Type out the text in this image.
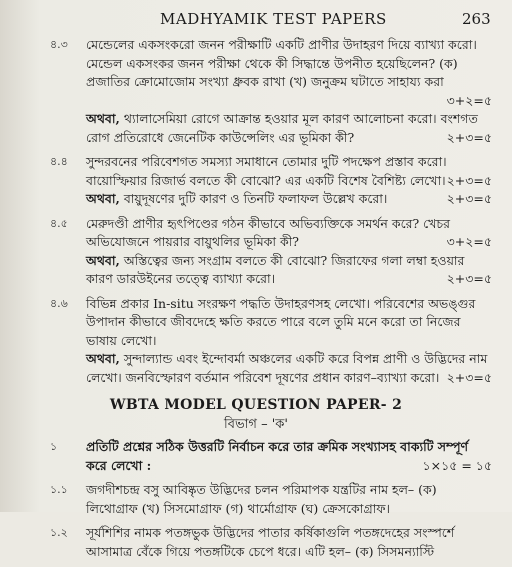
MADHYAMIK TEST PAPERS	263
৪.৩ মেন্ডেলের একসংকরো জনন পরীক্ষাটি একটি প্রাণীর উদাহরণ দিয়ে ব্যাখ্যা করো। মেন্ডেল একসংকর জনন পরীক্ষা থেকে কী সিদ্ধান্তে উপনীত হয়েছিলেন? (ক) প্রজাতির ক্রোমোজোম সংখ্যা ধ্রুবক রাখা (খ) জনুক্রম ঘটাতে সাহায্য করা
৩+২=৫
অথবা, থ্যালাসেমিয়া রোগে আক্রান্ত হওয়ার মূল কারণ আলোচনা করো। বংশগত রোগ প্রতিরোধে জেনেটিক কাউন্সেলিং এর ভূমিকা কী?	২+৩=৫
৪.৪ সুন্দরবনের পরিবেশগত সমস্যা সমাধানে তোমার দুটি পদক্ষেপ প্রস্তাব করো। বায়োস্ফিয়ার রিজার্ভ বলতে কী বোঝো? এর একটি বিশেষ বৈশিষ্ট্য লেখো। ২+৩=৫
অথবা, বায়ুদূষণের দুটি কারণ ও তিনটি ফলাফল উল্লেখ করো।	২+৩=৫
৪.৫ মেরুদণ্ডী প্রাণীর হৃৎপিণ্ডের গঠন কীভাবে অভিব্যক্তিকে সমর্থন করে? খেচর অভিযোজনে পায়রার বায়ুথলির ভূমিকা কী?	৩+২=৫
অথবা, অস্তিত্বের জন্য সংগ্রাম বলতে কী বোঝো? জিরাফের গলা লম্বা হওয়ার কারণ ডারউইনের তত্ত্বে ব্যাখ্যা করো।	২+৩=৫
৪.৬ বিভিন্ন প্রকার In-situ সংরক্ষণ পদ্ধতি উদাহরণসহ লেখো। পরিবেশের অভঙ্গুর উপাদান কীভাবে জীবদেহে ক্ষতি করতে পারে বলে তুমি মনে করো তা নিজের ভাষায় লেখো।
অথবা, সুন্দাল্যান্ড এবং ইন্দোবর্মা অঞ্চলের একটি করে বিপন্ন প্রাণী ও উদ্ভিদের নাম লেখো। জনবিস্ফোরণ বর্তমান পরিবেশ দূষণের প্রধান কারণ–ব্যাখ্যা করো। ২+৩=৫
WBTA MODEL QUESTION PAPER- 2
বিভাগ – 'ক'
১ প্রতিটি প্রশ্নের সঠিক উত্তরটি নির্বাচন করে তার ক্রমিক সংখ্যাসহ বাক্যটি সম্পূর্ণ করে লেখো :	১×১৫ = ১৫
১.১ জগদীশচন্দ্র বসু আবিষ্কৃত উদ্ভিদের চলন পরিমাপক যন্ত্রটির নাম হল– (ক) লিথোগ্রাফ (খ) সিসমোগ্রাফ (গ) থার্মোগ্রাফ (ঘ) ক্রেসকোগ্রাফ।
১.২ সূর্যশিশির নামক পতঙ্গভুক উদ্ভিদের পাতার কর্ষিকাগুলি পতঙ্গদেহের সংস্পর্শে আসামাত্র বেঁকে গিয়ে পতঙ্গটিকে চেপে ধরে। এটি হল– (ক) সিসমন্যাস্টি
